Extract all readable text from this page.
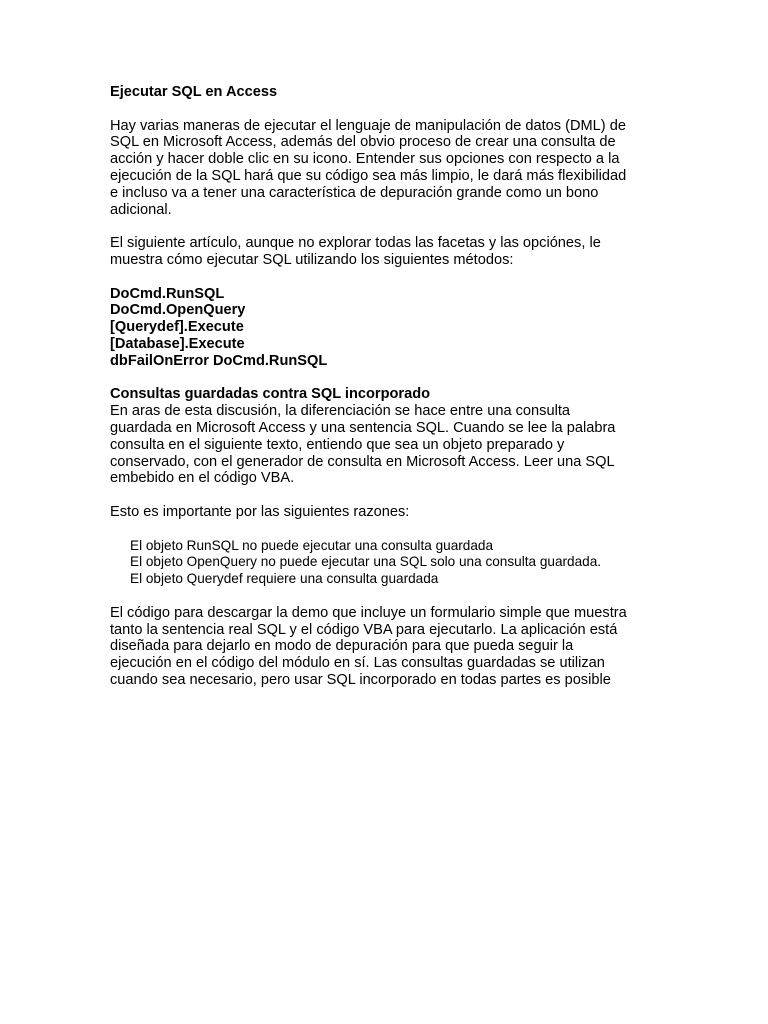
Ejecutar SQL en Access
Hay varias maneras de ejecutar el lenguaje de manipulación de datos (DML) de
SQL en Microsoft Access, además del obvio proceso de crear una consulta de
acción y hacer doble clic en su icono. Entender sus opciones con respecto a la
ejecución de la SQL hará que su código sea más limpio, le dará más flexibilidad
e incluso va a tener una característica de depuración grande como un bono
adicional.
El siguiente artículo, aunque no explorar todas las facetas y las opciónes, le
muestra cómo ejecutar SQL utilizando los siguientes métodos:
DoCmd.RunSQL
DoCmd.OpenQuery
[Querydef].Execute
[Database].Execute
dbFailOnError DoCmd.RunSQL
Consultas guardadas contra SQL incorporado
En aras de esta discusión, la diferenciación se hace entre una consulta
guardada en Microsoft Access y una sentencia SQL. Cuando se lee la palabra
consulta en el siguiente texto, entiendo que sea un objeto preparado y
conservado, con el generador de consulta en Microsoft Access. Leer una SQL
embebido en el código VBA.
Esto es importante por las siguientes razones:
El objeto RunSQL no puede ejecutar una consulta guardada
El objeto OpenQuery no puede ejecutar una SQL solo una consulta guardada.
El objeto Querydef requiere una consulta guardada
El código para descargar la demo que incluye un formulario simple que muestra
tanto la sentencia real SQL y el código VBA para ejecutarlo. La aplicación está
diseñada para dejarlo en modo de depuración para que pueda seguir la
ejecución en el código del módulo en sí. Las consultas guardadas se utilizan
cuando sea necesario, pero usar SQL incorporado en todas partes es posible
